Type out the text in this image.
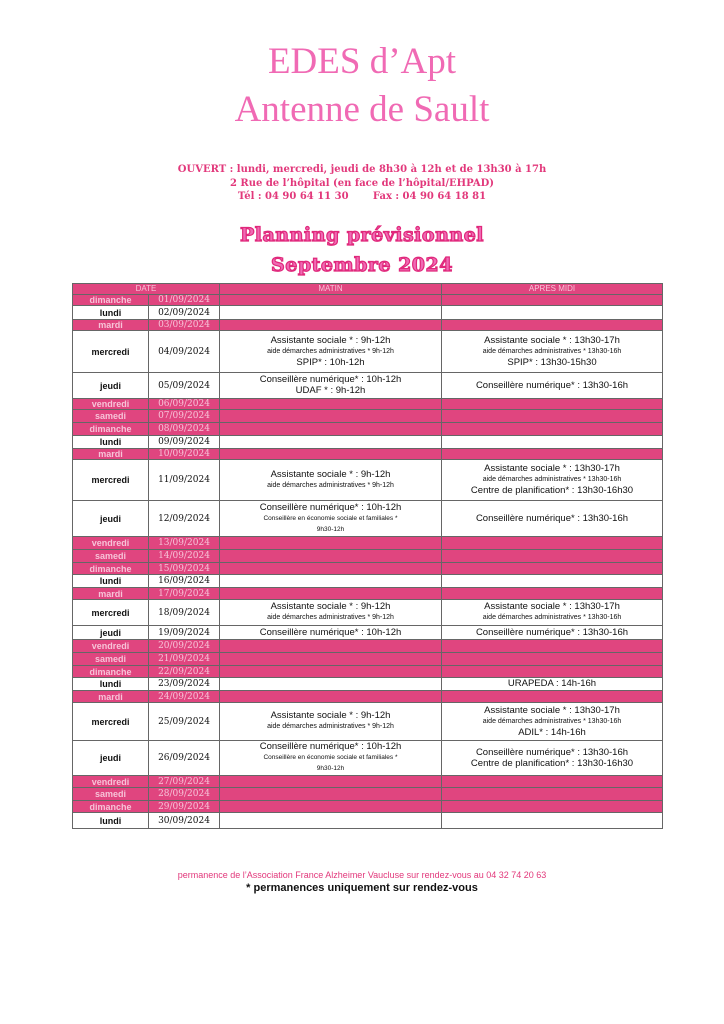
EDES d’Apt
Antenne de Sault
OUVERT : lundi, mercredi, jeudi de 8h30 à 12h et de 13h30 à 17h
2 Rue de l’hôpital (en face de l’hôpital/EHPAD)
Tél : 04 90 64 11 30       Fax : 04 90 64 18 81
Planning prévisionnel
Septembre 2024
DATE		MATIN	APRES MIDI
dimanche	01/09/2024		
lundi	02/09/2024		
mardi	03/09/2024		
mercredi	04/09/2024	Assistante sociale * : 9h-12h
aide démarches administratives * 9h-12h
SPIP* : 10h-12h	Assistante sociale * : 13h30-17h
aide démarches administratives * 13h30-16h
SPIP* : 13h30-15h30

jeudi	05/09/2024	Conseillère numérique* : 10h-12h
UDAF * : 9h-12h	Conseillère numérique* : 13h30-16h

vendredi	06/09/2024		
samedi	07/09/2024		
dimanche	08/09/2024		
lundi	09/09/2024		
mardi	10/09/2024		
mercredi	11/09/2024	Assistante sociale * : 9h-12h
aide démarches administratives * 9h-12h	Assistante sociale * : 13h30-17h
aide démarches administratives * 13h30-16h
Centre de planification* : 13h30-16h30

jeudi	12/09/2024	Conseillère numérique* : 10h-12h
Conseillère en économie sociale et familiales *
9h30-12h	Conseillère numérique* : 13h30-16h

vendredi	13/09/2024		
samedi	14/09/2024		
dimanche	15/09/2024		
lundi	16/09/2024		
mardi	17/09/2024		
mercredi	18/09/2024	Assistante sociale * : 9h-12h
aide démarches administratives * 9h-12h	Assistante sociale * : 13h30-17h
aide démarches administratives * 13h30-16h

jeudi	19/09/2024	Conseillère numérique* : 10h-12h	Conseillère numérique* : 13h30-16h

vendredi	20/09/2024		
samedi	21/09/2024		
dimanche	22/09/2024		
lundi	23/09/2024		URAPEDA : 14h-16h

mardi	24/09/2024		
mercredi	25/09/2024	Assistante sociale * : 9h-12h
aide démarches administratives * 9h-12h	Assistante sociale * : 13h30-17h
aide démarches administratives * 13h30-16h
ADIL* : 14h-16h

jeudi	26/09/2024	Conseillère numérique* : 10h-12h
Conseillère en économie sociale et familiales *
9h30-12h	Conseillère numérique* : 13h30-16h
Centre de planification* : 13h30-16h30

vendredi	27/09/2024		
samedi	28/09/2024		
dimanche	29/09/2024		
lundi	30/09/2024		
permanence de l’Association France Alzheimer Vaucluse sur rendez-vous au 04 32 74 20 63
* permanences uniquement sur rendez-vous
